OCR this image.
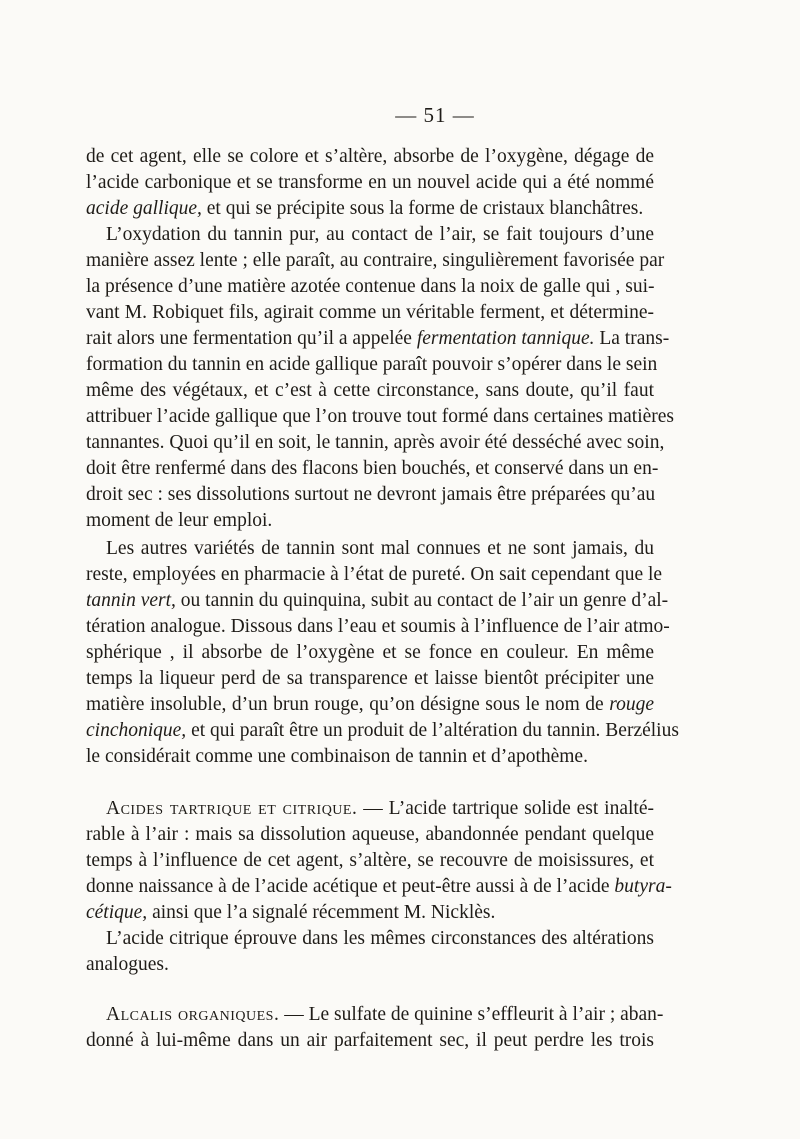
— 51 —
de cet agent, elle se colore et s’altère, absorbe de l’oxygène, dégage de
l’acide carbonique et se transforme en un nouvel acide qui a été nommé
acide gallique, et qui se précipite sous la forme de cristaux blanchâtres.
L’oxydation du tannin pur, au contact de l’air, se fait toujours d’une
manière assez lente ; elle paraît, au contraire, singulièrement favorisée par
la présence d’une matière azotée contenue dans la noix de galle qui , sui-
vant M. Robiquet fils, agirait comme un véritable ferment, et détermine-
rait alors une fermentation qu’il a appelée fermentation tannique. La trans-
formation du tannin en acide gallique paraît pouvoir s’opérer dans le sein
même des végétaux, et c’est à cette circonstance, sans doute, qu’il faut
attribuer l’acide gallique que l’on trouve tout formé dans certaines matières
tannantes. Quoi qu’il en soit, le tannin, après avoir été desséché avec soin,
doit être renfermé dans des flacons bien bouchés, et conservé dans un en-
droit sec : ses dissolutions surtout ne devront jamais être préparées qu’au
moment de leur emploi.
Les autres variétés de tannin sont mal connues et ne sont jamais, du
reste, employées en pharmacie à l’état de pureté. On sait cependant que le
tannin vert, ou tannin du quinquina, subit au contact de l’air un genre d’al-
tération analogue. Dissous dans l’eau et soumis à l’influence de l’air atmo-
sphérique , il absorbe de l’oxygène et se fonce en couleur. En même
temps la liqueur perd de sa transparence et laisse bientôt précipiter une
matière insoluble, d’un brun rouge, qu’on désigne sous le nom de rouge
cinchonique, et qui paraît être un produit de l’altération du tannin. Berzélius
le considérait comme une combinaison de tannin et d’apothème.
Acides tartrique et citrique. — L’acide tartrique solide est inalté-
rable à l’air : mais sa dissolution aqueuse, abandonnée pendant quelque
temps à l’influence de cet agent, s’altère, se recouvre de moisissures, et
donne naissance à de l’acide acétique et peut-être aussi à de l’acide butyra-
cétique, ainsi que l’a signalé récemment M. Nicklès.
L’acide citrique éprouve dans les mêmes circonstances des altérations
analogues.
Alcalis organiques. — Le sulfate de quinine s’effleurit à l’air ; aban-
donné à lui-même dans un air parfaitement sec, il peut perdre les trois
